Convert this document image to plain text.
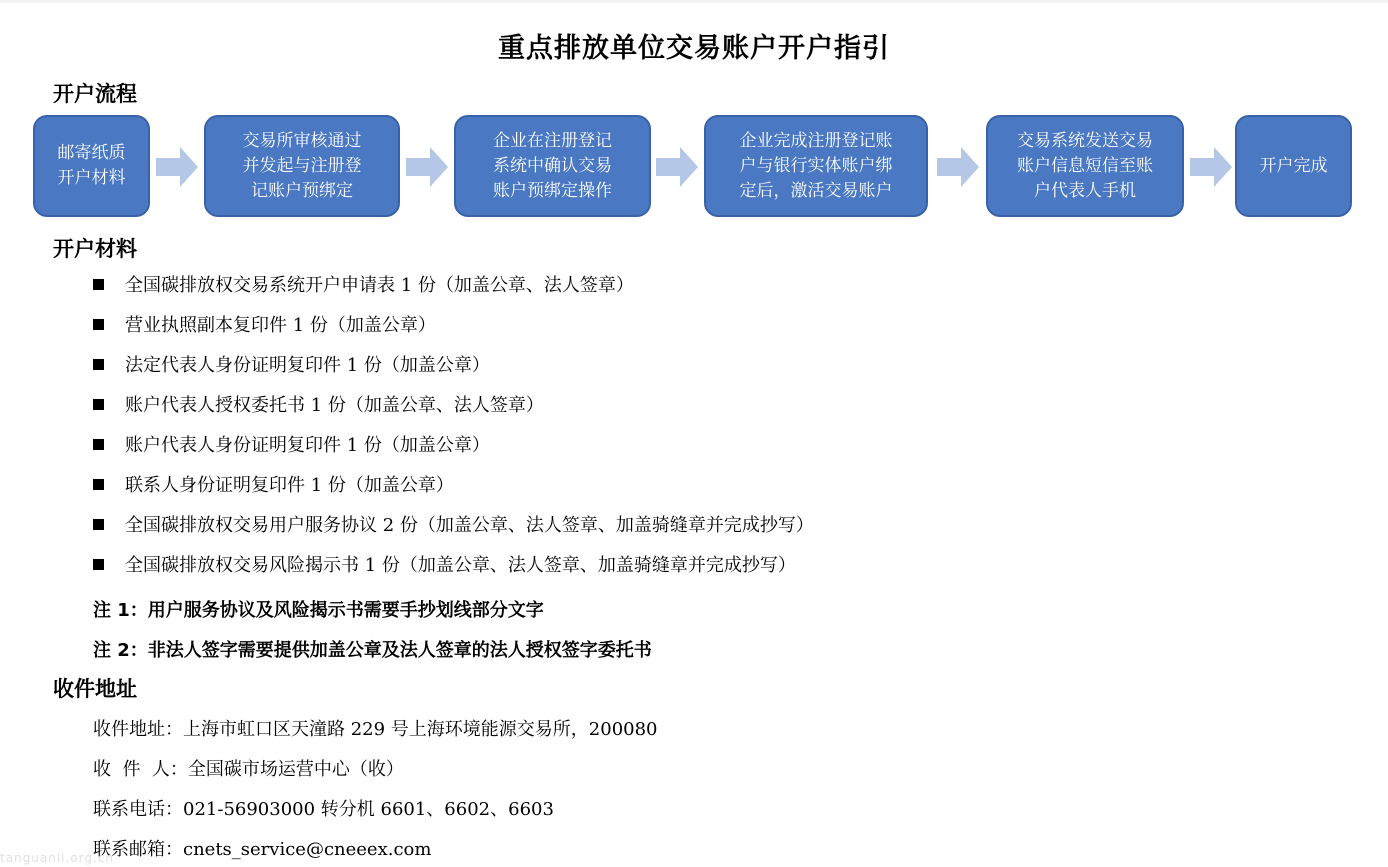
重点排放单位交易账户开户指引
开户流程
邮寄纸质
开户材料
交易所审核通过
并发起与注册登
记账户预绑定
企业在注册登记
系统中确认交易
账户预绑定操作
企业完成注册登记账
户与银行实体账户绑
定后，激活交易账户
交易系统发送交易
账户信息短信至账
户代表人手机
开户完成
开户材料
全国碳排放权交易系统开户申请表 1 份（加盖公章、法人签章）
营业执照副本复印件 1 份（加盖公章）
法定代表人身份证明复印件 1 份（加盖公章）
账户代表人授权委托书 1 份（加盖公章、法人签章）
账户代表人身份证明复印件 1 份（加盖公章）
联系人身份证明复印件 1 份（加盖公章）
全国碳排放权交易用户服务协议 2 份（加盖公章、法人签章、加盖骑缝章并完成抄写）
全国碳排放权交易风险揭示书 1 份（加盖公章、法人签章、加盖骑缝章并完成抄写）
注 1：用户服务协议及风险揭示书需要手抄划线部分文字
注 2：非法人签字需要提供加盖公章及法人签章的法人授权签字委托书
收件地址
收件地址：上海市虹口区天潼路 229 号上海环境能源交易所，200080
收  件  人：全国碳市场运营中心（收）
联系电话：021-56903000 转分机 6601、6602、6603
联系邮箱：cnets_service@cneeex.com
tanguanli.org.cn
